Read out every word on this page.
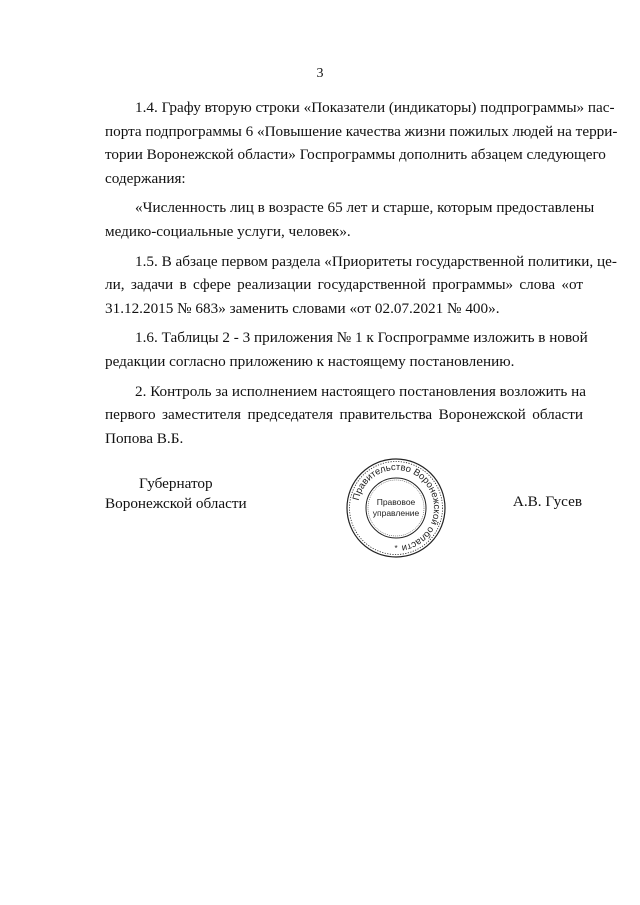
3
1.4. Графу вторую строки «Показатели (индикаторы) подпрограммы» пас-
порта подпрограммы 6 «Повышение качества жизни пожилых людей на терри-
тории Воронежской области» Госпрограммы дополнить абзацем следующего
содержания:
«Численность лиц в возрасте 65 лет и старше, которым предоставлены
медико-социальные услуги, человек».
1.5. В абзаце первом раздела «Приоритеты государственной политики, це-
ли, задачи в сфере реализации государственной программы» слова «от
31.12.2015 № 683» заменить словами «от 02.07.2021 № 400».
1.6. Таблицы 2 - 3 приложения № 1 к Госпрограмме изложить в новой
редакции согласно приложению к настоящему постановлению.
2. Контроль за исполнением настоящего постановления возложить на
первого заместителя председателя правительства Воронежской области
Попова В.Б.
Губернатор
Воронежской области	Правительство Воронежской области
Правовое
управление
*
А.В. Гусев
